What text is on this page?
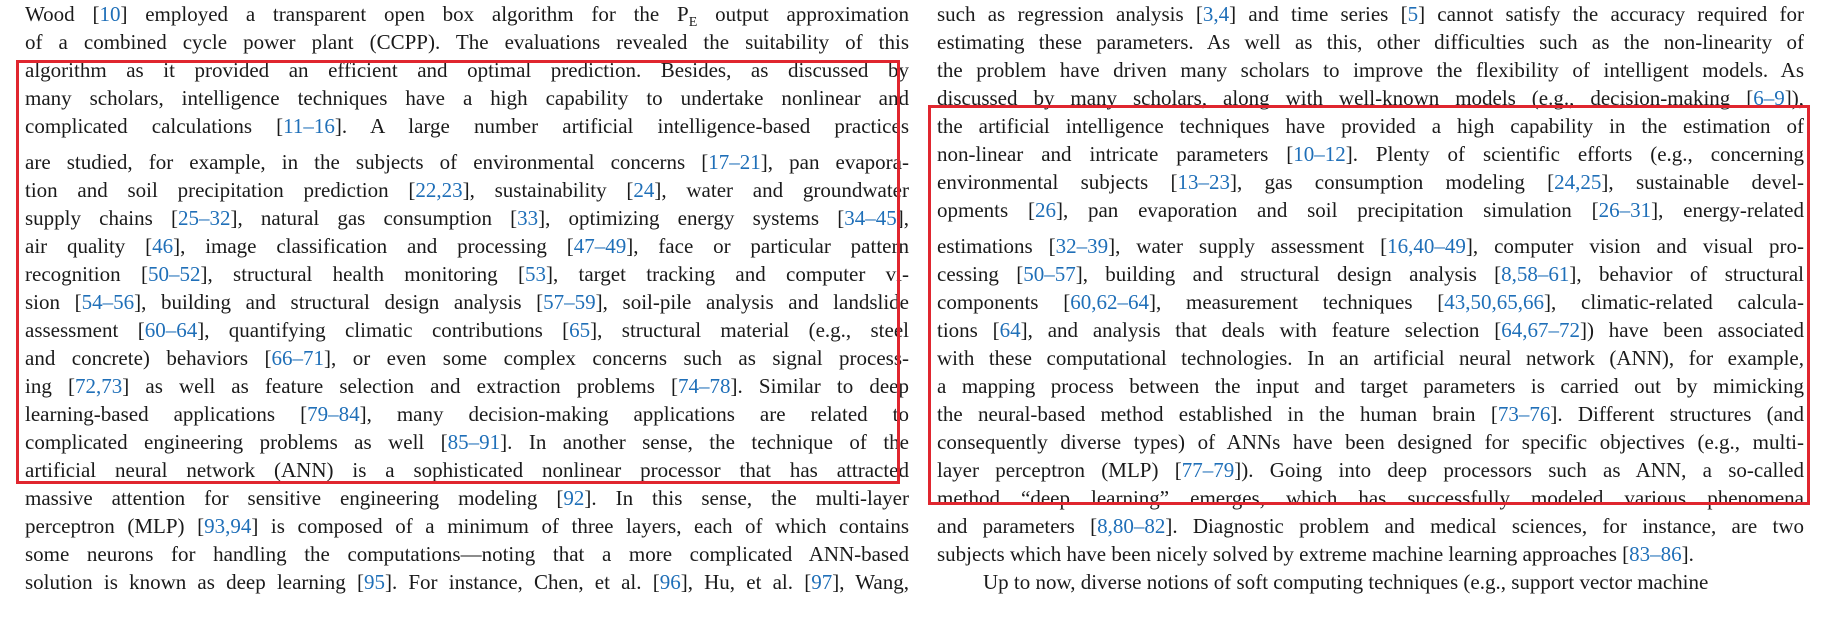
Wood [10] employed a transparent open box algorithm for the $P_E$ output approximation
of a combined cycle power plant (CCPP). The evaluations revealed the suitability of this
algorithm as it provided an efficient and optimal prediction. Besides, as discussed by
many scholars, intelligence techniques have a high capability to undertake nonlinear and
complicated calculations [11–16]. A large number artificial intelligence-based practices
are studied, for example, in the subjects of environmental concerns [17–21], pan evapora-
tion and soil precipitation prediction [22,23], sustainability [24], water and groundwater
supply chains [25–32], natural gas consumption [33], optimizing energy systems [34–45],
air quality [46], image classification and processing [47–49], face or particular pattern
recognition [50–52], structural health monitoring [53], target tracking and computer vi-
sion [54–56], building and structural design analysis [57–59], soil-pile analysis and landslide
assessment [60–64], quantifying climatic contributions [65], structural material (e.g., steel
and concrete) behaviors [66–71], or even some complex concerns such as signal process-
ing [72,73] as well as feature selection and extraction problems [74–78]. Similar to deep
learning-based applications [79–84], many decision-making applications are related to
complicated engineering problems as well [85–91]. In another sense, the technique of the
artificial neural network (ANN) is a sophisticated nonlinear processor that has attracted
massive attention for sensitive engineering modeling [92]. In this sense, the multi-layer
perceptron (MLP) [93,94] is composed of a minimum of three layers, each of which contains
some neurons for handling the computations—noting that a more complicated ANN-based
solution is known as deep learning [95]. For instance, Chen, et al. [96], Hu, et al. [97], Wang,
such as regression analysis [3,4] and time series [5] cannot satisfy the accuracy required for
estimating these parameters. As well as this, other difficulties such as the non-linearity of
the problem have driven many scholars to improve the flexibility of intelligent models. As
discussed by many scholars, along with well-known models (e.g., decision-making [6–9]),
the artificial intelligence techniques have provided a high capability in the estimation of
non-linear and intricate parameters [10–12]. Plenty of scientific efforts (e.g., concerning
environmental subjects [13–23], gas consumption modeling [24,25], sustainable devel-
opments [26], pan evaporation and soil precipitation simulation [26–31], energy-related
estimations [32–39], water supply assessment [16,40–49], computer vision and visual pro-
cessing [50–57], building and structural design analysis [8,58–61], behavior of structural
components [60,62–64], measurement techniques [43,50,65,66], climatic-related calcula-
tions [64], and analysis that deals with feature selection [64,67–72]) have been associated
with these computational technologies. In an artificial neural network (ANN), for example,
a mapping process between the input and target parameters is carried out by mimicking
the neural-based method established in the human brain [73–76]. Different structures (and
consequently diverse types) of ANNs have been designed for specific objectives (e.g., multi-
layer perceptron (MLP) [77–79]). Going into deep processors such as ANN, a so-called
method “deep learning” emerges, which has successfully modeled various phenomena
and parameters [8,80–82]. Diagnostic problem and medical sciences, for instance, are two
subjects which have been nicely solved by extreme machine learning approaches [83–86].
Up to now, diverse notions of soft computing techniques (e.g., support vector machine
